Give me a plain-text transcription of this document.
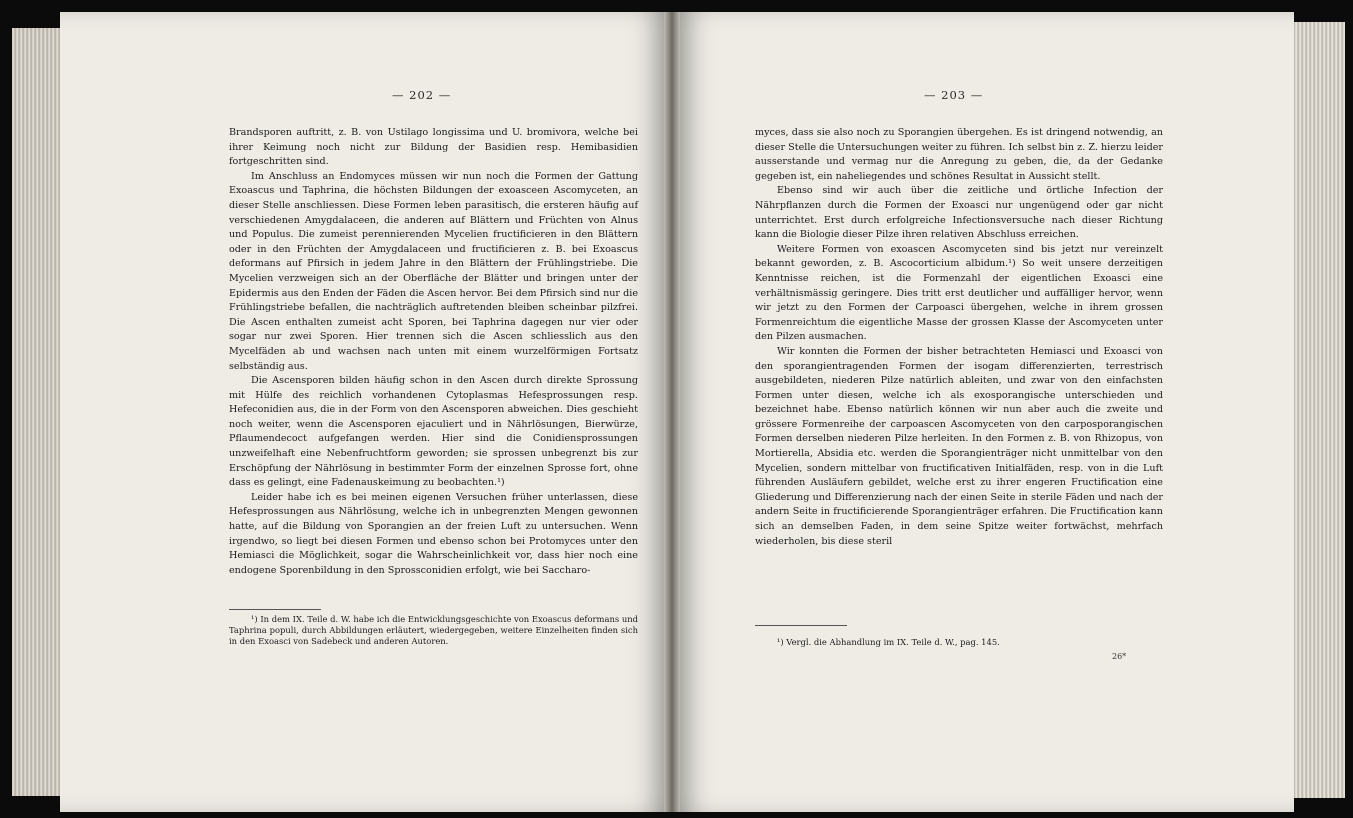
— 202 —

Brandsporen auftritt, z. B. von Ustilago longissima und U. bromivora, welche bei ihrer Keimung noch nicht zur Bildung der Basidien resp. Hemibasidien fortgeschritten sind.

Im Anschluss an Endomyces müssen wir nun noch die Formen der Gattung Exoascus und Taphrina, die höchsten Bildungen der exoasceen Ascomyceten, an dieser Stelle anschliessen. Diese Formen leben parasitisch, die ersteren häufig auf verschiedenen Amygdalaceen, die anderen auf Blättern und Früchten von Alnus und Populus. Die zumeist perennierenden Mycelien fructificieren in den Blättern oder in den Früchten der Amygdalaceen und fructificieren z. B. bei Exoascus deformans auf Pfirsich in jedem Jahre in den Blättern der Frühlingstriebe. Die Mycelien verzweigen sich an der Oberfläche der Blätter und bringen unter der Epidermis aus den Enden der Fäden die Ascen hervor. Bei dem Pfirsich sind nur die Frühlingstriebe befallen, die nachträglich auftretenden bleiben scheinbar pilzfrei. Die Ascen enthalten zumeist acht Sporen, bei Taphrina dagegen nur vier oder sogar nur zwei Sporen. Hier trennen sich die Ascen schliesslich aus den Mycelfäden ab und wachsen nach unten mit einem wurzelförmigen Fortsatz selbständig aus.

Die Ascensporen bilden häufig schon in den Ascen durch direkte Sprossung mit Hülfe des reichlich vorhandenen Cytoplasmas Hefesprossungen resp. Hefeconidien aus, die in der Form von den Ascensporen abweichen. Dies geschieht noch weiter, wenn die Ascensporen ejaculiert und in Nährlösungen, Bierwürze, Pflaumendecoct aufgefangen werden. Hier sind die Conidiensprossungen unzweifelhaft eine Nebenfruchtform geworden; sie sprossen unbegrenzt bis zur Erschöpfung der Nährlösung in bestimmter Form der einzelnen Sprosse fort, ohne dass es gelingt, eine Fadenauskeimung zu beobachten.¹)

Leider habe ich es bei meinen eigenen Versuchen früher unterlassen, diese Hefesprossungen aus Nährlösung, welche ich in unbegrenzten Mengen gewonnen hatte, auf die Bildung von Sporangien an der freien Luft zu untersuchen. Wenn irgendwo, so liegt bei diesen Formen und ebenso schon bei Protomyces unter den Hemiasci die Möglichkeit, sogar die Wahrscheinlichkeit vor, dass hier noch eine endogene Sporenbildung in den Sprossconidien erfolgt, wie bei Saccharo-

¹) In dem IX. Teile d. W. habe ich die Entwicklungsgeschichte von Exoascus deformans und Taphrina populi, durch Abbildungen erläutert, wiedergegeben, weitere Einzelheiten finden sich in den Exoasci von Sadebeck und anderen Autoren.
— 203 —

myces, dass sie also noch zu Sporangien übergehen. Es ist dringend notwendig, an dieser Stelle die Untersuchungen weiter zu führen. Ich selbst bin z. Z. hierzu leider ausserstande und vermag nur die Anregung zu geben, die, da der Gedanke gegeben ist, ein naheliegendes und schönes Resultat in Aussicht stellt.

Ebenso sind wir auch über die zeitliche und örtliche Infection der Nährpflanzen durch die Formen der Exoasci nur ungenügend oder gar nicht unterrichtet. Erst durch erfolgreiche Infectionsversuche nach dieser Richtung kann die Biologie dieser Pilze ihren relativen Abschluss erreichen.

Weitere Formen von exoascen Ascomyceten sind bis jetzt nur vereinzelt bekannt geworden, z. B. Ascocorticium albidum.¹) So weit unsere derzeitigen Kenntnisse reichen, ist die Formenzahl der eigentlichen Exoasci eine verhältnismässig geringere. Dies tritt erst deutlicher und auffälliger hervor, wenn wir jetzt zu den Formen der Carpoasci übergehen, welche in ihrem grossen Formenreichtum die eigentliche Masse der grossen Klasse der Ascomyceten unter den Pilzen ausmachen.

Wir konnten die Formen der bisher betrachteten Hemiasci und Exoasci von den sporangientragenden Formen der isogam differenzierten, terrestrisch ausgebildeten, niederen Pilze natürlich ableiten, und zwar von den einfachsten Formen unter diesen, welche ich als exosporangische unterschieden und bezeichnet habe. Ebenso natürlich können wir nun aber auch die zweite und grössere Formenreihe der carpoascen Ascomyceten von den carposporangischen Formen derselben niederen Pilze herleiten. In den Formen z. B. von Rhizopus, von Mortierella, Absidia etc. werden die Sporangienträger nicht unmittelbar von den Mycelien, sondern mittelbar von fructificativen Initialfäden, resp. von in die Luft führenden Ausläufern gebildet, welche erst zu ihrer engeren Fructification eine Gliederung und Differenzierung nach der einen Seite in sterile Fäden und nach der andern Seite in fructificierende Sporangienträger erfahren. Die Fructification kann sich an demselben Faden, in dem seine Spitze weiter fortwächst, mehrfach wiederholen, bis diese steril

¹) Vergl. die Abhandlung im IX. Teile d. W., pag. 145.
26*
